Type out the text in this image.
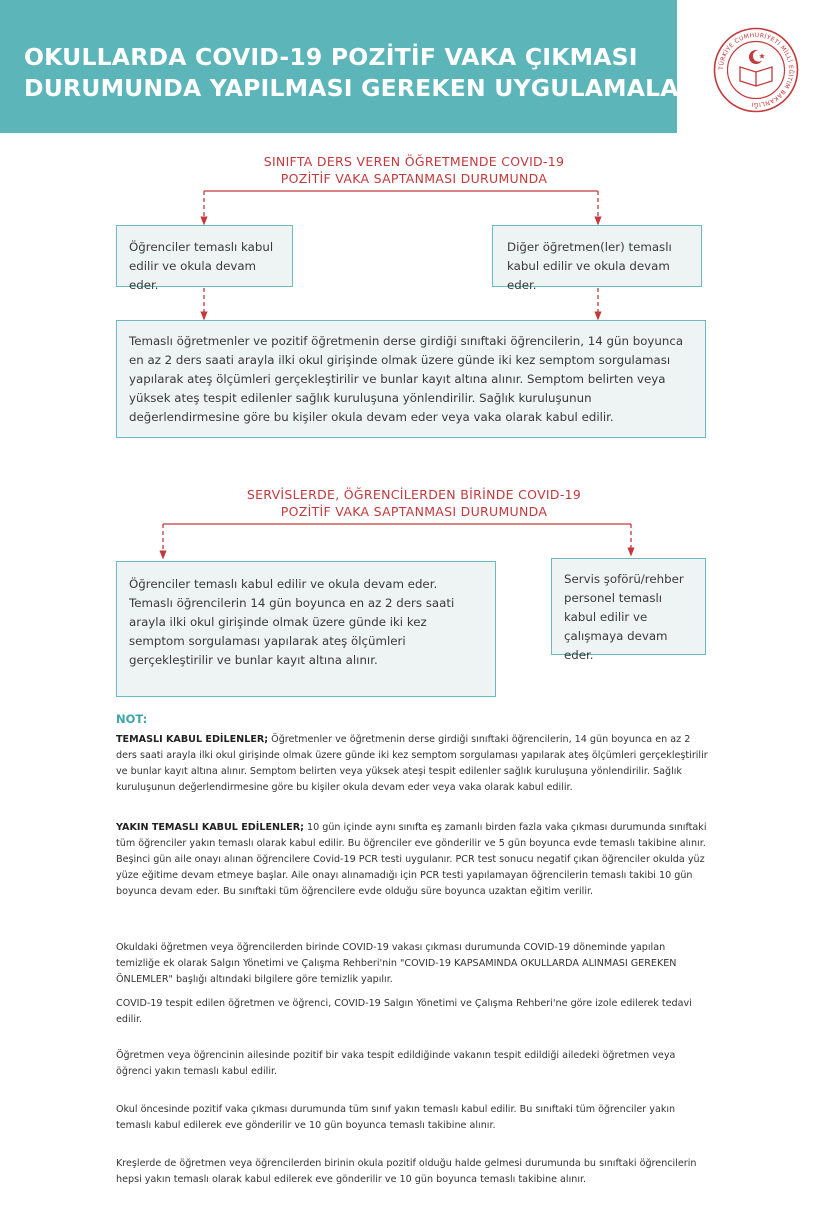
OKULLARDA COVID-19 POZİTİF VAKA ÇIKMASI
DURUMUNDA YAPILMASI GEREKEN UYGULAMALAR
TÜRKİYE CUMHURİYETİ MİLLÎ EĞİTİM BAKANLIĞI
SINIFTA DERS VEREN ÖĞRETMENDE COVID-19
POZİTİF VAKA SAPTANMASI DURUMUNDA
Öğrenciler temaslı kabul edilir ve okula devam eder.
Diğer öğretmen(ler) temaslı kabul edilir ve okula devam eder.
Temaslı öğretmenler ve pozitif öğretmenin derse girdiği sınıftaki öğrencilerin, 14 gün boyunca en az 2 ders saati arayla ilki okul girişinde olmak üzere günde iki kez semptom sorgulaması yapılarak ateş ölçümleri gerçekleştirilir ve bunlar kayıt altına alınır. Semptom belirten veya yüksek ateş tespit edilenler sağlık kuruluşuna yönlendirilir. Sağlık kuruluşunun değerlendirmesine göre bu kişiler okula devam eder veya vaka olarak kabul edilir.
SERVİSLERDE, ÖĞRENCİLERDEN BİRİNDE COVID-19
POZİTİF VAKA SAPTANMASI DURUMUNDA
Öğrenciler temaslı kabul edilir ve okula devam eder. Temaslı öğrencilerin 14 gün boyunca en az 2 ders saati arayla ilki okul girişinde olmak üzere günde iki kez semptom sorgulaması yapılarak ateş ölçümleri gerçekleştirilir ve bunlar kayıt altına alınır.
Servis şoförü/rehber personel temaslı kabul edilir ve çalışmaya devam eder.
NOT:

TEMASLI KABUL EDİLENLER; Öğretmenler ve öğretmenin derse girdiği sınıftaki öğrencilerin, 14 gün boyunca en az 2 ders saati arayla ilki okul girişinde olmak üzere günde iki kez semptom sorgulaması yapılarak ateş ölçümleri gerçekleştirilir ve bunlar kayıt altına alınır. Semptom belirten veya yüksek ateşi tespit edilenler sağlık kuruluşuna yönlendirilir. Sağlık kuruluşunun değerlendirmesine göre bu kişiler okula devam eder veya vaka olarak kabul edilir.

YAKIN TEMASLI KABUL EDİLENLER; 10 gün içinde aynı sınıfta eş zamanlı birden fazla vaka çıkması durumunda sınıftaki tüm öğrenciler yakın temaslı olarak kabul edilir. Bu öğrenciler eve gönderilir ve 5 gün boyunca evde temaslı takibine alınır. Beşinci gün aile onayı alınan öğrencilere Covid-19 PCR testi uygulanır. PCR test sonucu negatif çıkan öğrenciler okulda yüz yüze eğitime devam etmeye başlar. Aile onayı alınamadığı için PCR testi yapılamayan öğrencilerin temaslı takibi 10 gün boyunca devam eder. Bu sınıftaki tüm öğrencilere evde olduğu süre boyunca uzaktan eğitim verilir.

Okuldaki öğretmen veya öğrencilerden birinde COVID-19 vakası çıkması durumunda COVID-19 döneminde yapılan temizliğe ek olarak Salgın Yönetimi ve Çalışma Rehberi'nin "COVID-19 KAPSAMINDA OKULLARDA ALINMASI GEREKEN ÖNLEMLER" başlığı altındaki bilgilere göre temizlik yapılır.

COVID-19 tespit edilen öğretmen ve öğrenci, COVID-19 Salgın Yönetimi ve Çalışma Rehberi'ne göre izole edilerek tedavi edilir.

Öğretmen veya öğrencinin ailesinde pozitif bir vaka tespit edildiğinde vakanın tespit edildiği ailedeki öğretmen veya öğrenci yakın temaslı kabul edilir.

Okul öncesinde pozitif vaka çıkması durumunda tüm sınıf yakın temaslı kabul edilir. Bu sınıftaki tüm öğrenciler yakın temaslı kabul edilerek eve gönderilir ve 10 gün boyunca temaslı takibine alınır.

Kreşlerde de öğretmen veya öğrencilerden birinin okula pozitif olduğu halde gelmesi durumunda bu sınıftaki öğrencilerin hepsi yakın temaslı olarak kabul edilerek eve gönderilir ve 10 gün boyunca temaslı takibine alınır.
